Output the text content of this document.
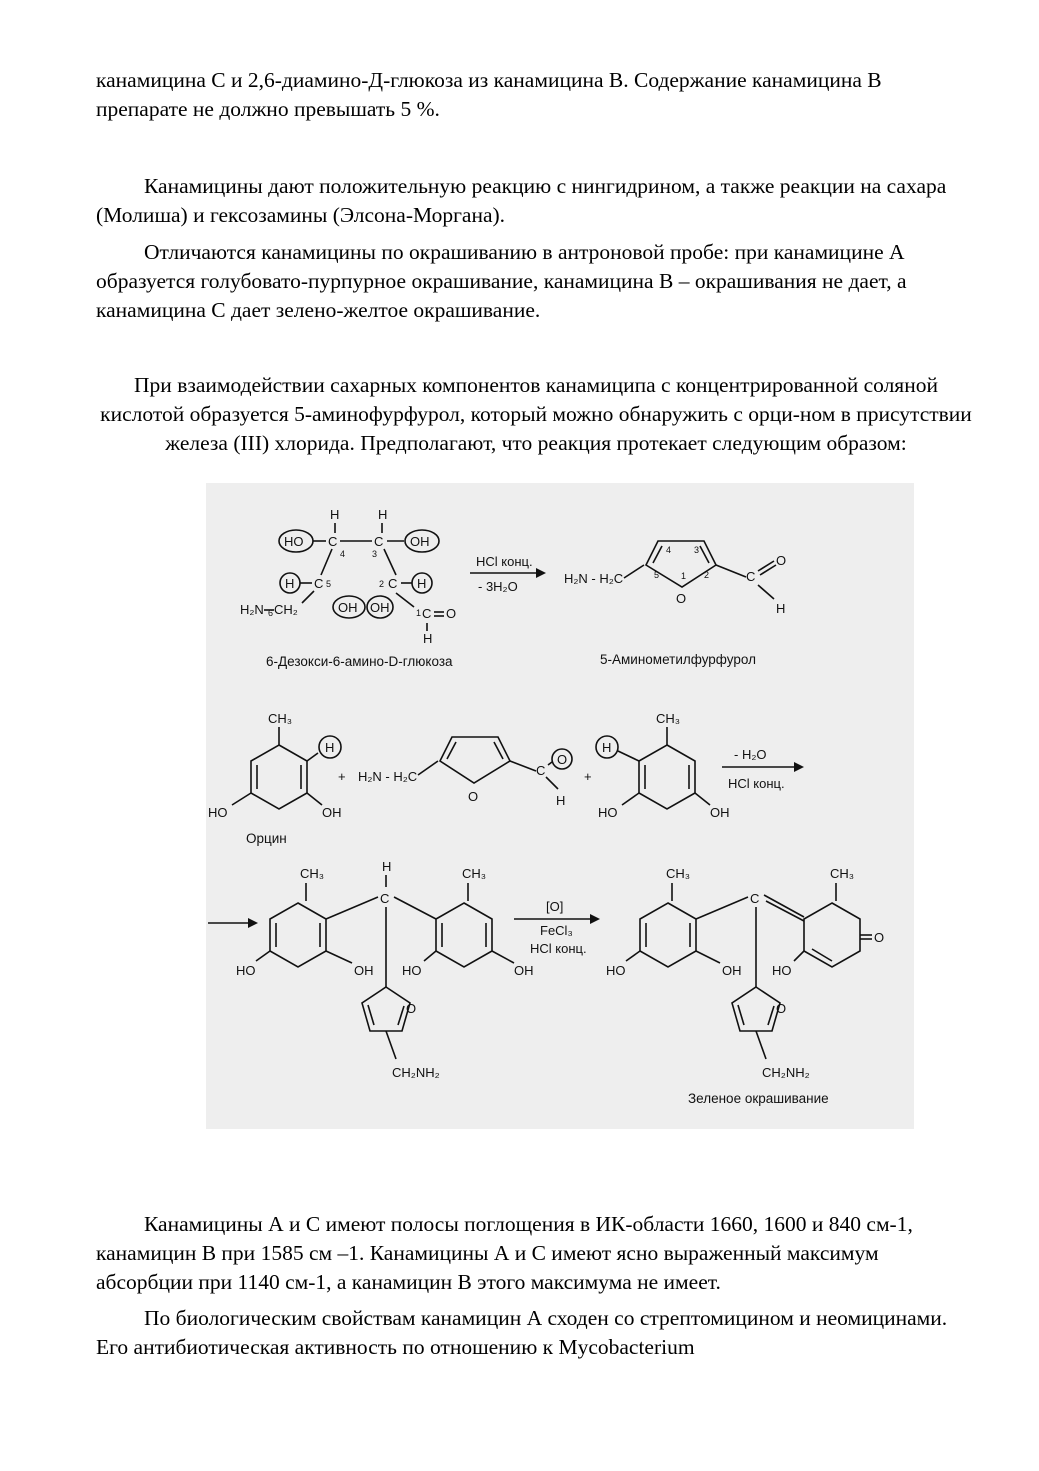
канамицина С и 2,6-диамино-Д-глюкоза из канамицина В. Содержание канамицина В препарате не должно превышать 5 %.

Канамицины дают положительную реакцию с нингидрином, а также реакции на сахара (Молиша) и гексозамины (Элсона-Моргана).

Отличаются канамицины по окрашиванию в антроновой пробе: при канамицине А образуется голубовато-пурпурное окрашивание, канамицина В – окрашивания не дает, а канамицина С дает зелено-желтое окрашивание.

При взаимодействии сахарных компонентов канамиципа с концентрированной соляной кислотой образуется 5-аминофурфурол, который можно обнаружить с орци-ном в присутствии железа (III) хлорида. Предполагают, что реакция протекает следующим образом:

H	H
HO C	C OH
4	3
H C 5	2 C H
H₂N 6 CH₂	OH OH	1 C O
H
6-Дезокси-6-амино-D-глюкоза
HCl конц.
- 3H₂O
H₂N - H₂C
O
5 1 2
4	3
C
O
H
5-Аминометилфурфурол
CH₃
H
HO	OH
Орцин
+ H₂N - H₂C
O
C
O
H
+
CH₃
H
HO	OH
- H₂O
HCl конц.
CH₃
HO	OH
H
C
CH₃
HO	OH
O
CH₂NH₂
[O]
FeCl₃
HCl конц.
CH₃
HO	OH
C
CH₃
HO
O
O
CH₂NH₂
Зеленое окрашивание

Канамицины А и С имеют полосы поглощения в ИК-области 1660, 1600 и 840 см-1, канамицин В при 1585 см –1. Канамицины А и С имеют ясно выраженный максимум абсорбции при 1140 см-1, а канамицин В этого максимума не имеет.

По биологическим свойствам канамицин А сходен со стрептомицином и неомицинами. Его антибиотическая активность по отношению к Mycobacterium
